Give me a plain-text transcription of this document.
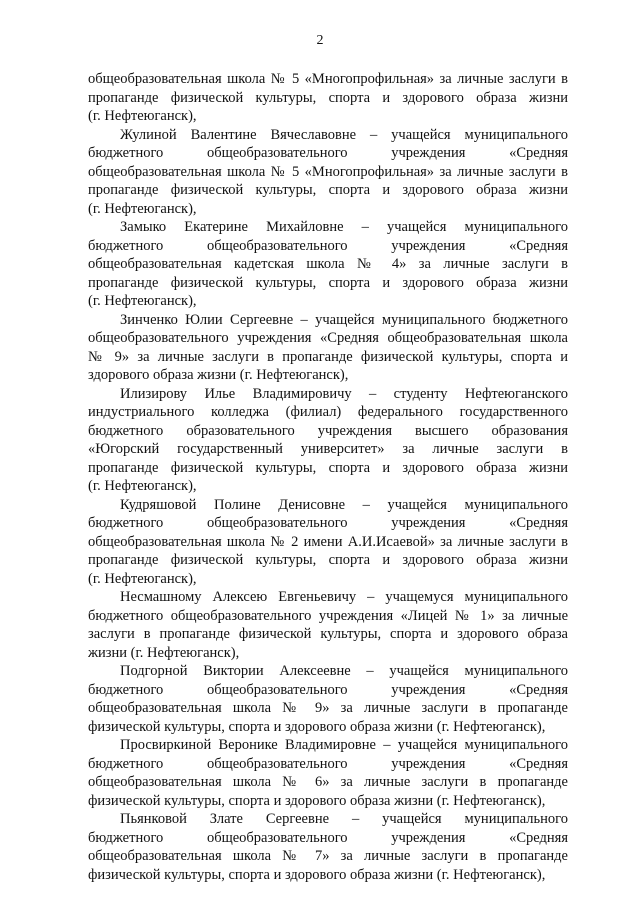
2
общеобразовательная школа № 5 «Многопрофильная» за личные заслуги в
пропаганде физической культуры, спорта и здорового образа жизни
(г. Нефтеюганск),
Жулиной Валентине Вячеславовне – учащейся муниципального
бюджетного общеобразовательного учреждения «Средняя
общеобразовательная школа № 5 «Многопрофильная» за личные заслуги в
пропаганде физической культуры, спорта и здорового образа жизни
(г. Нефтеюганск),
Замыко Екатерине Михайловне – учащейся муниципального
бюджетного общеобразовательного учреждения «Средняя
общеобразовательная кадетская школа № 4» за личные заслуги в
пропаганде физической культуры, спорта и здорового образа жизни
(г. Нефтеюганск),
Зинченко Юлии Сергеевне – учащейся муниципального бюджетного
общеобразовательного учреждения «Средняя общеобразовательная школа
№ 9» за личные заслуги в пропаганде физической культуры, спорта и
здорового образа жизни (г. Нефтеюганск),
Илизирову Илье Владимировичу – студенту Нефтеюганского
индустриального колледжа (филиал) федерального государственного
бюджетного образовательного учреждения высшего образования
«Югорский государственный университет» за личные заслуги в
пропаганде физической культуры, спорта и здорового образа жизни
(г. Нефтеюганск),
Кудряшовой Полине Денисовне – учащейся муниципального
бюджетного общеобразовательного учреждения «Средняя
общеобразовательная школа № 2 имени А.И.Исаевой» за личные заслуги в
пропаганде физической культуры, спорта и здорового образа жизни
(г. Нефтеюганск),
Несмашному Алексею Евгеньевичу – учащемуся муниципального
бюджетного общеобразовательного учреждения «Лицей № 1» за личные
заслуги в пропаганде физической культуры, спорта и здорового образа
жизни (г. Нефтеюганск),
Подгорной Виктории Алексеевне – учащейся муниципального
бюджетного общеобразовательного учреждения «Средняя
общеобразовательная школа № 9» за личные заслуги в пропаганде
физической культуры, спорта и здорового образа жизни (г. Нефтеюганск),
Просвиркиной Веронике Владимировне – учащейся муниципального
бюджетного общеобразовательного учреждения «Средняя
общеобразовательная школа № 6» за личные заслуги в пропаганде
физической культуры, спорта и здорового образа жизни (г. Нефтеюганск),
Пьянковой Злате Сергеевне – учащейся муниципального
бюджетного общеобразовательного учреждения «Средняя
общеобразовательная школа № 7» за личные заслуги в пропаганде
физической культуры, спорта и здорового образа жизни (г. Нефтеюганск),
